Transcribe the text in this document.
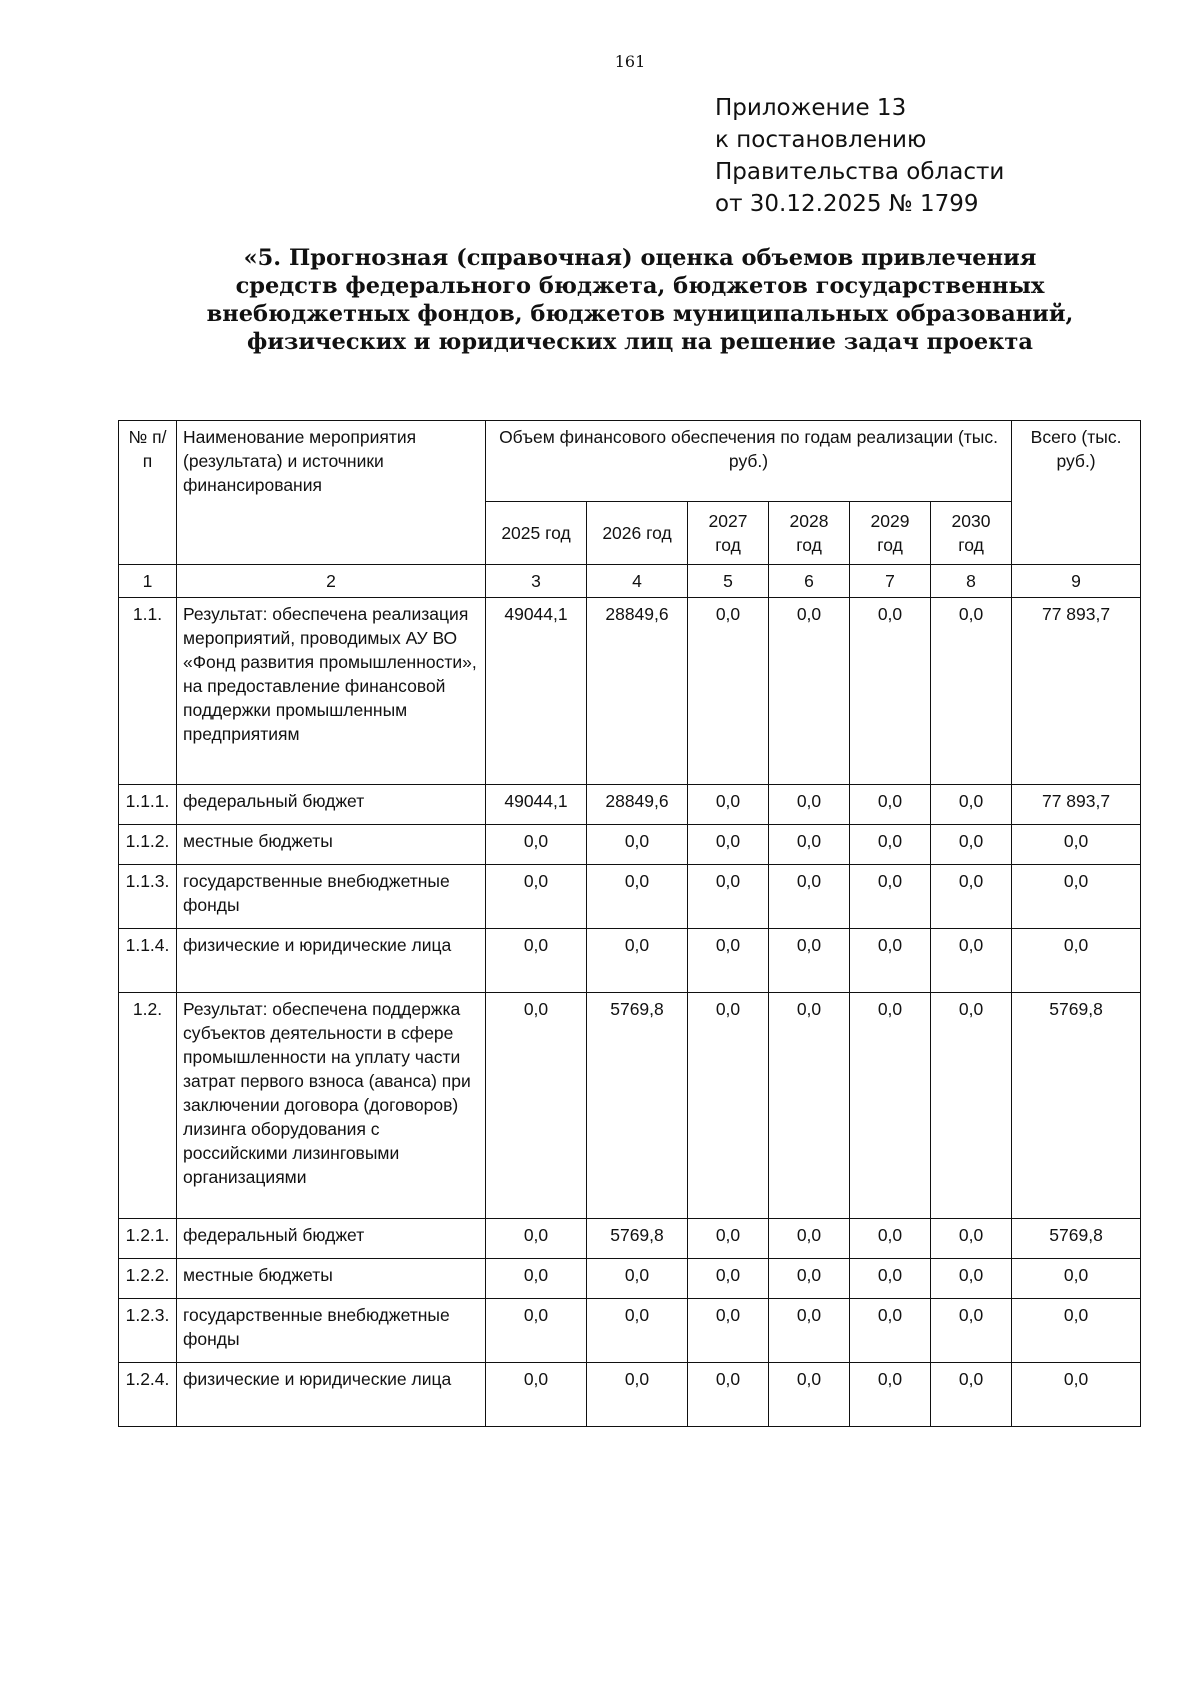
161
Приложение 13
к постановлению
Правительства области
от 30.12.2025 № 1799
«5. Прогнозная (справочная) оценка объемов привлечения
средств федерального бюджета, бюджетов государственных
внебюджетных фондов, бюджетов муниципальных образований,
физических и юридических лиц на решение задач проекта
№ п/п	Наименование мероприятия (результата) и источники финансирования	Объем финансового обеспечения по годам реализации (тыс. руб.)						Всего (тыс. руб.)
		2025 год	2026 год	2027 год	2028 год	2029 год	2030 год	
1	2	3	4	5	6	7	8	9
1.1.	Результат: обеспечена реализация мероприятий, проводимых АУ ВО «Фонд развития промышленности», на предоставление финансовой поддержки промышленным предприятиям	49044,1	28849,6	0,0	0,0	0,0	0,0	77 893,7
1.1.1.	федеральный бюджет	49044,1	28849,6	0,0	0,0	0,0	0,0	77 893,7
1.1.2.	местные бюджеты	0,0	0,0	0,0	0,0	0,0	0,0	0,0
1.1.3.	государственные внебюджетные фонды	0,0	0,0	0,0	0,0	0,0	0,0	0,0
1.1.4.	физические и юридические лица	0,0	0,0	0,0	0,0	0,0	0,0	0,0
1.2.	Результат: обеспечена поддержка субъектов деятельности в сфере промышленности на уплату части затрат первого взноса (аванса) при заключении договора (договоров) лизинга оборудования с российскими лизинговыми организациями	0,0	5769,8	0,0	0,0	0,0	0,0	5769,8
1.2.1.	федеральный бюджет	0,0	5769,8	0,0	0,0	0,0	0,0	5769,8
1.2.2.	местные бюджеты	0,0	0,0	0,0	0,0	0,0	0,0	0,0
1.2.3.	государственные внебюджетные фонды	0,0	0,0	0,0	0,0	0,0	0,0	0,0
1.2.4.	физические и юридические лица	0,0	0,0	0,0	0,0	0,0	0,0	0,0
